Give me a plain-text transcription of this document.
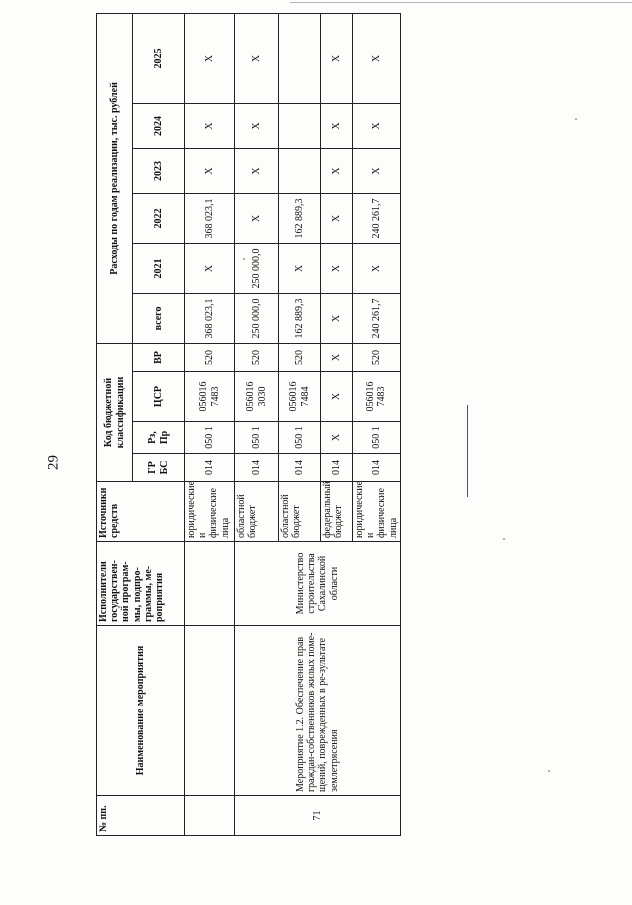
29
№ пп.	Наименование мероприятия	Исполнители государствен-ной програм-мы, подпро-граммы, ме-роприятия	Источники средств	Код бюджетной классификации				Расходы по годам реализации, тыс. рублей					
				ГР БС	Рз, Пр	ЦСР	ВР	всего	2021	2022	2023	2024	2025
			юридические и физические лица	014	050 1	056016 7483	520	368 023,1	X	368 023,1	X	X	X
71	Мероприятие 1.2. Обеспечение прав граждан-собственников жилых поме-щений, поврежденных в ре-зультате землетрясения	Министерство строительства Сахалинской области	областной бюджет	014	050 1	056016 3030	520	250 000,0	250 000,0	X	X	X	X
			областной бюджет	014	050 1	056016 7484	520	162 889,3	X	162 889,3			
			федеральный бюджет	014	X	X	X	X	X	X	X	X	X
			юридические и физические лица	014	050 1	056016 7483	520	240 261,7	X	240 261,7	X	X	X
